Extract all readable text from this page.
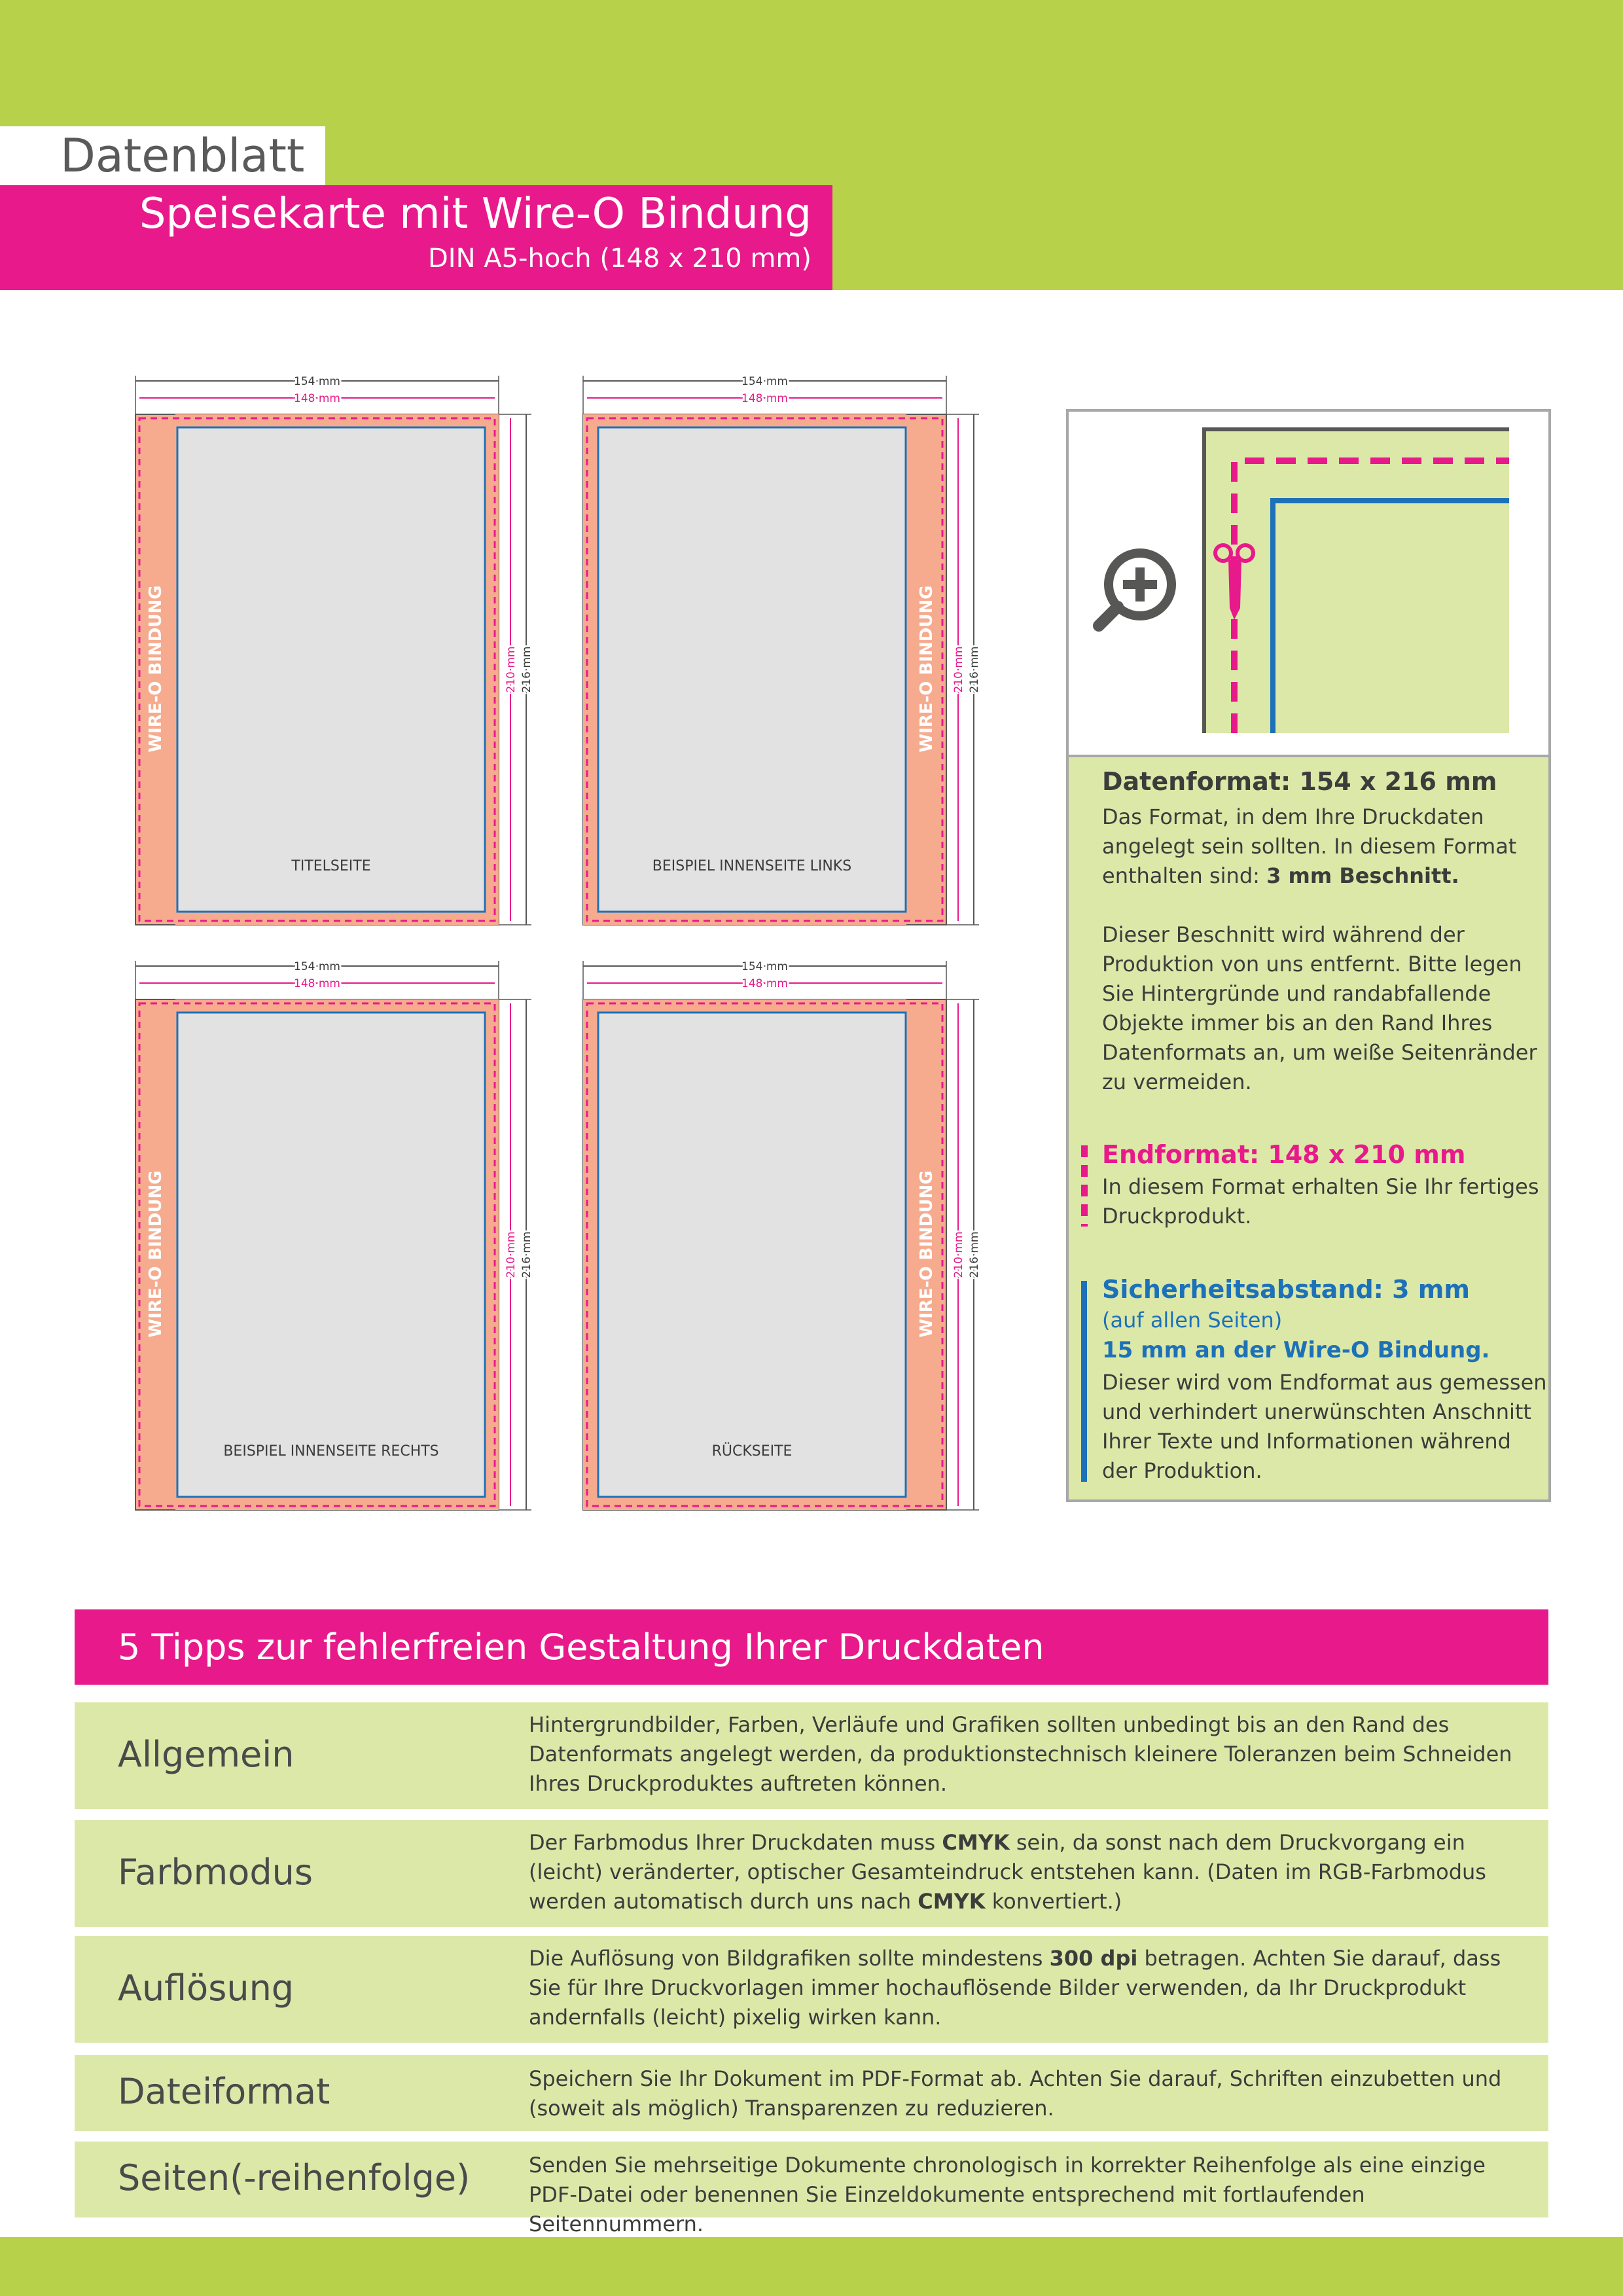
Datenblatt
Speisekarte mit Wire-O Bindung
DIN A5-hoch (148 x 210 mm)
154 mm
148 mm
210 mm 216 mm
WIRE-O BINDUNG
TITELSEITE
154 mm
148 mm
210 mm 216 mm
WIRE-O BINDUNG
BEISPIEL INNENSEITE LINKS
154 mm
148 mm
210 mm 216 mm
WIRE-O BINDUNG
BEISPIEL INNENSEITE RECHTS
154 mm
148 mm
210 mm 216 mm
WIRE-O BINDUNG
RÜCKSEITE
Datenformat: 154 x 216 mm
Das Format, in dem Ihre Druckdaten angelegt sein sollten. In diesem Format enthalten sind: 3 mm Beschnitt.
Dieser Beschnitt wird während der Produktion von uns entfernt. Bitte legen Sie Hintergründe und randabfallende Objekte immer bis an den Rand Ihres Datenformats an, um weiße Seitenränder zu vermeiden.
Endformat: 148 x 210 mm
In diesem Format erhalten Sie Ihr fertiges Druckprodukt.
Sicherheitsabstand: 3 mm
(auf allen Seiten)
15 mm an der Wire-O Bindung.
Dieser wird vom Endformat aus gemessen und verhindert unerwünschten Anschnitt Ihrer Texte und Informationen während der Produktion.
5 Tipps zur fehlerfreien Gestaltung Ihrer Druckdaten
Allgemein
Hintergrundbilder, Farben, Verläufe und Grafiken sollten unbedingt bis an den Rand des Datenformats angelegt werden, da produktionstechnisch kleinere Toleranzen beim Schneiden Ihres Druckproduktes auftreten können.
Farbmodus
Der Farbmodus Ihrer Druckdaten muss CMYK sein, da sonst nach dem Druckvorgang ein (leicht) veränderter, optischer Gesamteindruck entstehen kann. (Daten im RGB-Farbmodus werden automatisch durch uns nach CMYK konvertiert.)
Auflösung
Die Auflösung von Bildgrafiken sollte mindestens 300 dpi betragen. Achten Sie darauf, dass Sie für Ihre Druckvorlagen immer hochauflösende Bilder verwenden, da Ihr Druckprodukt andernfalls (leicht) pixelig wirken kann.
Dateiformat	Speichern Sie Ihr Dokument im PDF-Format ab. Achten Sie darauf, Schriften einzubetten und (soweit als möglich) Transparenzen zu reduzieren.
Seiten(-reihenfolge)	Senden Sie mehrseitige Dokumente chronologisch in korrekter Reihenfolge als eine einzige PDF-Datei oder benennen Sie Einzeldokumente entsprechend mit fortlaufenden Seitennummern.
